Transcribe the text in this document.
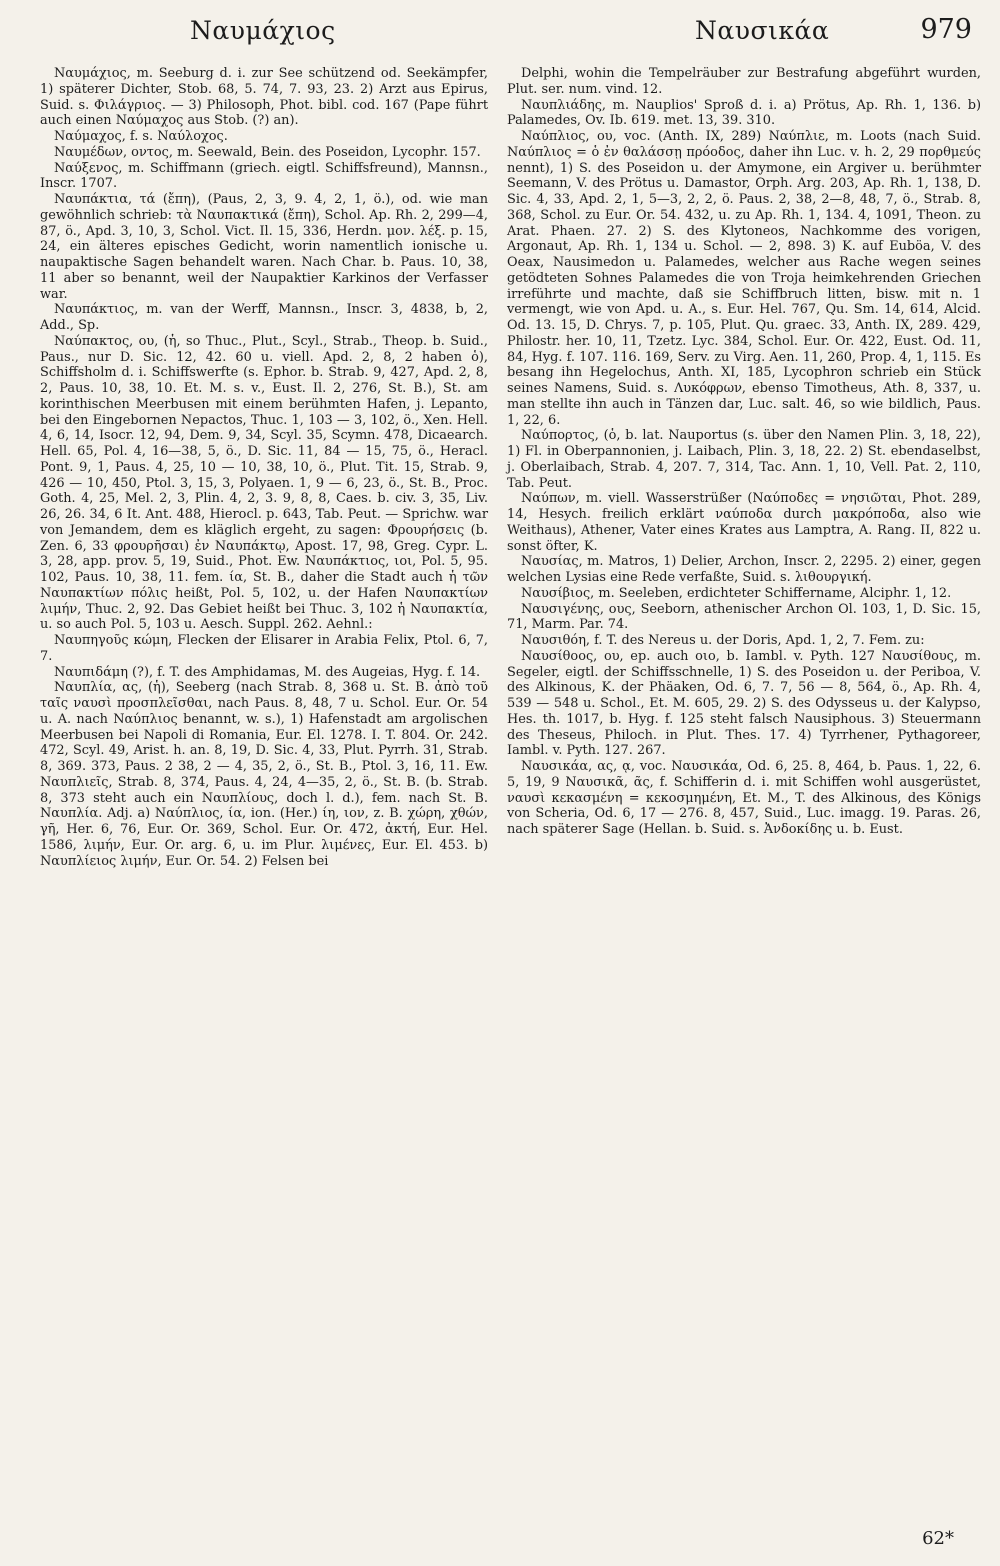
Ναυμάχιος	Ναυσικάα	979

Ναυμάχιος, m. Seeburg d. i. zur See schützend od. Seekämpfer, 1) späterer Dichter, Stob. 68, 5. 74, 7. 93, 23. 2) Arzt aus Epirus, Suid. s. Φιλάγριος. — 3) Philosoph, Phot. bibl. cod. 167 (Pape führt auch einen Ναύμαχος aus Stob. (?) an).

Ναύμαχος, f. s. Ναύλοχος.

Ναυμέδων, οντος, m. Seewald, Bein. des Poseidon, Lycophr. 157.

Ναύξενος, m. Schiffmann (griech. eigtl. Schiffsfreund), Mannsn., Inscr. 1707.

Ναυπάκτια, τά (ἔπη), (Paus, 2, 3, 9. 4, 2, 1, ö.), od. wie man gewöhnlich schrieb: τὰ Ναυπακτικά (ἔπη), Schol. Ap. Rh. 2, 299—4, 87, ö., Apd. 3, 10, 3, Schol. Vict. Il. 15, 336, Herdn. μον. λέξ. p. 15, 24, ein älteres episches Gedicht, worin namentlich ionische u. naupaktische Sagen behandelt waren. Nach Char. b. Paus. 10, 38, 11 aber so benannt, weil der Naupaktier Karkinos der Verfasser war.

Ναυπάκτιος, m. van der Werff, Mannsn., Inscr. 3, 4838, b, 2, Add., Sp.

Ναύπακτος, ου, (ἡ, so Thuc., Plut., Scyl., Strab., Theop. b. Suid., Paus., nur D. Sic. 12, 42. 60 u. viell. Apd. 2, 8, 2 haben ὁ), Schiffsholm d. i. Schiffswerfte (s. Ephor. b. Strab. 9, 427, Apd. 2, 8, 2, Paus. 10, 38, 10. Et. M. s. v., Eust. Il. 2, 276, St. B.), St. am korinthischen Meerbusen mit einem berühmten Hafen, j. Lepanto, bei den Eingebornen Nepactos, Thuc. 1, 103 — 3, 102, ö., Xen. Hell. 4, 6, 14, Isocr. 12, 94, Dem. 9, 34, Scyl. 35, Scymn. 478, Dicaearch. Hell. 65, Pol. 4, 16—38, 5, ö., D. Sic. 11, 84 — 15, 75, ö., Heracl. Pont. 9, 1, Paus. 4, 25, 10 — 10, 38, 10, ö., Plut. Tit. 15, Strab. 9, 426 — 10, 450, Ptol. 3, 15, 3, Polyaen. 1, 9 — 6, 23, ö., St. B., Proc. Goth. 4, 25, Mel. 2, 3, Plin. 4, 2, 3. 9, 8, 8, Caes. b. civ. 3, 35, Liv. 26, 26. 34, 6 It. Ant. 488, Hierocl. p. 643, Tab. Peut. — Sprichw. war von Jemandem, dem es kläglich ergeht, zu sagen: Φρουρήσεις (b. Zen. 6, 33 φρουρῆσαι) ἐν Ναυπάκτῳ, Apost. 17, 98, Greg. Cypr. L. 3, 28, app. prov. 5, 19, Suid., Phot. Ew. Ναυπάκτιος, ιοι, Pol. 5, 95. 102, Paus. 10, 38, 11. fem. ία, St. B., daher die Stadt auch ἡ τῶν Ναυπακτίων πόλις heißt, Pol. 5, 102, u. der Hafen Ναυπακτίων λιμήν, Thuc. 2, 92. Das Gebiet heißt bei Thuc. 3, 102 ἡ Ναυπακτία, u. so auch Pol. 5, 103 u. Aesch. Suppl. 262. Aehnl.:

Ναυπηγοῦς κώμη, Flecken der Elisarer in Arabia Felix, Ptol. 6, 7, 7.

Ναυπιδάμη (?), f. T. des Amphidamas, M. des Augeias, Hyg. f. 14.

Ναυπλία, ας, (ἡ), Seeberg (nach Strab. 8, 368 u. St. B. ἀπὸ τοῦ ταῖς ναυσὶ προσπλεῖσθαι, nach Paus. 8, 48, 7 u. Schol. Eur. Or. 54 u. A. nach Ναύπλιος benannt, w. s.), 1) Hafenstadt am argolischen Meerbusen bei Napoli di Romania, Eur. El. 1278. I. T. 804. Or. 242. 472, Scyl. 49, Arist. h. an. 8, 19, D. Sic. 4, 33, Plut. Pyrrh. 31, Strab. 8, 369. 373, Paus. 2 38, 2 — 4, 35, 2, ö., St. B., Ptol. 3, 16, 11. Ew. Ναυπλιεῖς, Strab. 8, 374, Paus. 4, 24, 4—35, 2, ö., St. B. (b. Strab. 8, 373 steht auch ein Ναυπλίους, doch l. d.), fem. nach St. B. Ναυπλία. Adj. a) Ναύπλιος, ία, ion. (Her.) ίη, ιον, z. B. χώρη, χθών, γῆ, Her. 6, 76, Eur. Or. 369, Schol. Eur. Or. 472, ἀκτή, Eur. Hel. 1586, λιμήν, Eur. Or. arg. 6, u. im Plur. λιμένες, Eur. El. 453. b) Ναυπλίειος λιμήν, Eur. Or. 54. 2) Felsen bei

Delphi, wohin die Tempelräuber zur Bestrafung abgeführt wurden, Plut. ser. num. vind. 12.

Ναυπλιάδης, m. Nauplios' Sproß d. i. a) Prötus, Ap. Rh. 1, 136. b) Palamedes, Ov. Ib. 619. met. 13, 39. 310.

Ναύπλιος, ου, voc. (Anth. IX, 289) Ναύπλιε, m. Loots (nach Suid. Ναύπλιος = ὁ ἐν θαλάσσῃ πρόοδος, daher ihn Luc. v. h. 2, 29 πορθμεύς nennt), 1) S. des Poseidon u. der Amymone, ein Argiver u. berühmter Seemann, V. des Prötus u. Damastor, Orph. Arg. 203, Ap. Rh. 1, 138, D. Sic. 4, 33, Apd. 2, 1, 5—3, 2, 2, ö. Paus. 2, 38, 2—8, 48, 7, ö., Strab. 8, 368, Schol. zu Eur. Or. 54. 432, u. zu Ap. Rh. 1, 134. 4, 1091, Theon. zu Arat. Phaen. 27. 2) S. des Klytoneos, Nachkomme des vorigen, Argonaut, Ap. Rh. 1, 134 u. Schol. — 2, 898. 3) K. auf Euböa, V. des Oeax, Nausimedon u. Palamedes, welcher aus Rache wegen seines getödteten Sohnes Palamedes die von Troja heimkehrenden Griechen irreführte und machte, daß sie Schiffbruch litten, bisw. mit n. 1 vermengt, wie von Apd. u. A., s. Eur. Hel. 767, Qu. Sm. 14, 614, Alcid. Od. 13. 15, D. Chrys. 7, p. 105, Plut. Qu. graec. 33, Anth. IX, 289. 429, Philostr. her. 10, 11, Tzetz. Lyc. 384, Schol. Eur. Or. 422, Eust. Od. 11, 84, Hyg. f. 107. 116. 169, Serv. zu Virg. Aen. 11, 260, Prop. 4, 1, 115. Es besang ihn Hegelochus, Anth. XI, 185, Lycophron schrieb ein Stück seines Namens, Suid. s. Λυκόφρων, ebenso Timotheus, Ath. 8, 337, u. man stellte ihn auch in Tänzen dar, Luc. salt. 46, so wie bildlich, Paus. 1, 22, 6.

Ναύπορτος, (ὁ, b. lat. Nauportus (s. über den Namen Plin. 3, 18, 22), 1) Fl. in Oberpannonien, j. Laibach, Plin. 3, 18, 22. 2) St. ebendaselbst, j. Oberlaibach, Strab. 4, 207. 7, 314, Tac. Ann. 1, 10, Vell. Pat. 2, 110, Tab. Peut.

Ναύπων, m. viell. Wasserstrüßer (Ναύποδες = νησιῶται, Phot. 289, 14, Hesych. freilich erklärt ναύποδα durch μακρόποδα, also wie Weithaus), Athener, Vater eines Krates aus Lamptra, A. Rang. II, 822 u. sonst öfter, K.

Ναυσίας, m. Matros, 1) Delier, Archon, Inscr. 2, 2295. 2) einer, gegen welchen Lysias eine Rede verfaßte, Suid. s. λιθουργική.

Ναυσίβιος, m. Seeleben, erdichteter Schiffername, Alciphr. 1, 12.

Ναυσιγένης, ους, Seeborn, athenischer Archon Ol. 103, 1, D. Sic. 15, 71, Marm. Par. 74.

Ναυσιθόη, f. T. des Nereus u. der Doris, Apd. 1, 2, 7. Fem. zu:

Ναυσίθοος, ου, ep. auch οιο, b. Iambl. v. Pyth. 127 Ναυσίθους, m. Segeler, eigtl. der Schiffsschnelle, 1) S. des Poseidon u. der Periboa, V. des Alkinous, K. der Phäaken, Od. 6, 7. 7, 56 — 8, 564, ö., Ap. Rh. 4, 539 — 548 u. Schol., Et. M. 605, 29. 2) S. des Odysseus u. der Kalypso, Hes. th. 1017, b. Hyg. f. 125 steht falsch Nausiphous. 3) Steuermann des Theseus, Philoch. in Plut. Thes. 17. 4) Tyrrhener, Pythagoreer, Iambl. v. Pyth. 127. 267.

Ναυσικάα, ας, ᾳ, voc. Ναυσικάα, Od. 6, 25. 8, 464, b. Paus. 1, 22, 6. 5, 19, 9 Ναυσικᾶ, ᾶς, f. Schifferin d. i. mit Schiffen wohl ausgerüstet, ναυσὶ κεκασμένη = κεκοσμημένη, Et. M., T. des Alkinous, des Königs von Scheria, Od. 6, 17 — 276. 8, 457, Suid., Luc. imagg. 19. Paras. 26, nach späterer Sage (Hellan. b. Suid. s. Ἀνδοκίδης u. b. Eust.

62*
